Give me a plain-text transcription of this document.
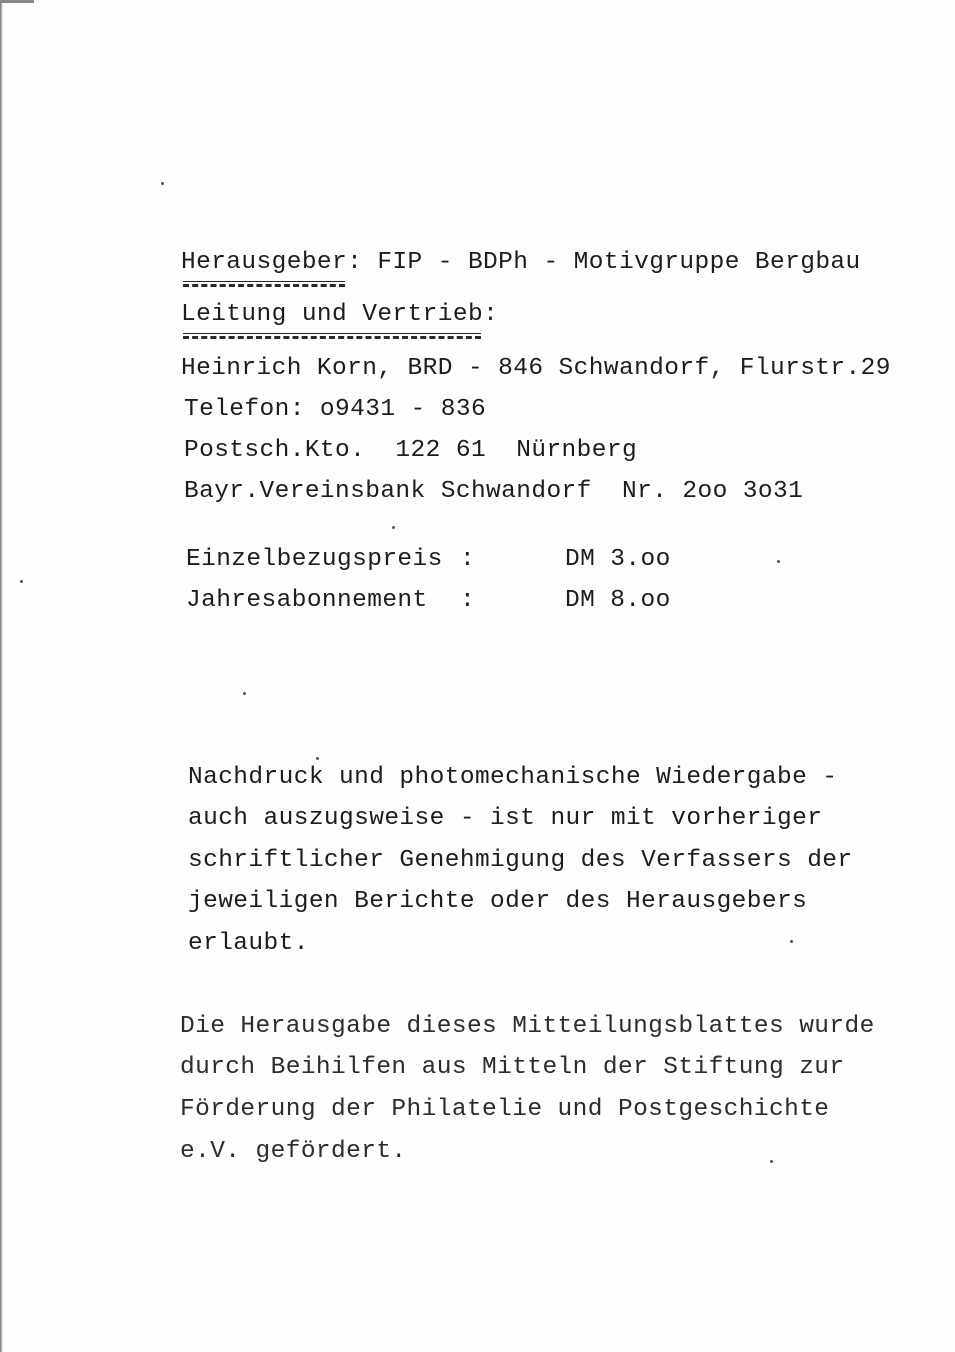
Herausgeber: FIP - BDPh - Motivgruppe Bergbau
Leitung und Vertrieb:
Heinrich Korn, BRD - 846 Schwandorf, Flurstr.29
Telefon: o9431 - 836
Postsch.Kto.  122 61  Nürnberg
Bayr.Vereinsbank Schwandorf  Nr. 2oo 3o31
Einzelbezugspreis :	DM 3.oo
Jahresabonnement :	DM 8.oo
Nachdruck und photomechanische Wiedergabe -
auch auszugsweise - ist nur mit vorheriger
schriftlicher Genehmigung des Verfassers der
jeweiligen Berichte oder des Herausgebers
erlaubt.
Die Herausgabe dieses Mitteilungsblattes wurde
durch Beihilfen aus Mitteln der Stiftung zur
Förderung der Philatelie und Postgeschichte
e.V. gefördert.
